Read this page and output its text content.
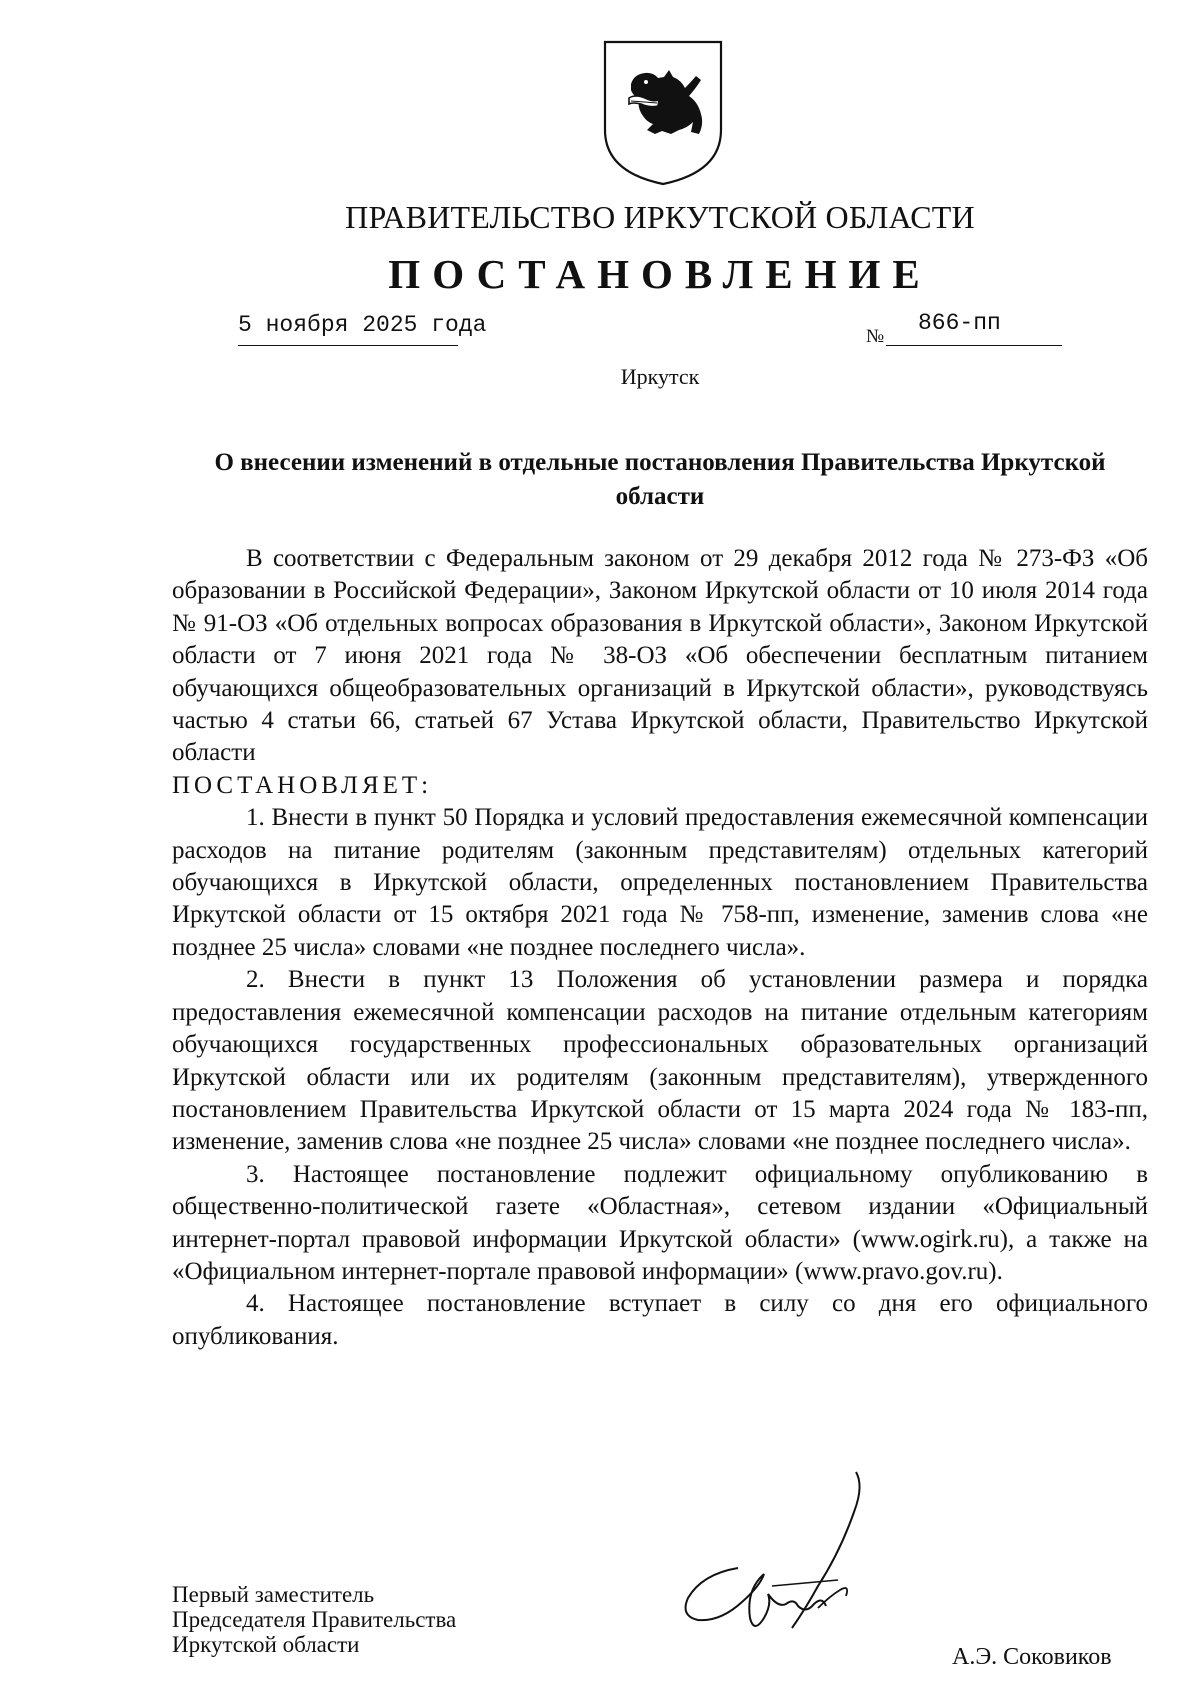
ПРАВИТЕЛЬСТВО ИРКУТСКОЙ ОБЛАСТИ
ПОСТАНОВЛЕНИЕ
5 ноября 2025 года	№
866-пп
Иркутск
О внесении изменений в отдельные постановления Правительства Иркутской области

В соответствии с Федеральным законом от 29 декабря 2012 года № 273-ФЗ «Об образовании в Российской Федерации», Законом Иркутской области от 10 июля 2014 года № 91-ОЗ «Об отдельных вопросах образования в Иркутской области», Законом Иркутской области от 7 июня 2021 года № 38-ОЗ «Об обеспечении бесплатным питанием обучающихся общеобразовательных организаций в Иркутской области», руководствуясь частью 4 статьи 66, статьей 67 Устава Иркутской области, Правительство Иркутской области

ПОСТАНОВЛЯЕТ:

1. Внести в пункт 50 Порядка и условий предоставления ежемесячной компенсации расходов на питание родителям (законным представителям) отдельных категорий обучающихся в Иркутской области, определенных постановлением Правительства Иркутской области от 15 октября 2021 года № 758-пп, изменение, заменив слова «не позднее 25 числа» словами «не позднее последнего числа».

2. Внести в пункт 13 Положения об установлении размера и порядка предоставления ежемесячной компенсации расходов на питание отдельным категориям обучающихся государственных профессиональных образовательных организаций Иркутской области или их родителям (законным представителям), утвержденного постановлением Правительства Иркутской области от 15 марта 2024 года № 183-пп, изменение, заменив слова «не позднее 25 числа» словами «не позднее последнего числа».

3. Настоящее постановление подлежит официальному опубликованию в общественно-политической газете «Областная», сетевом издании «Официальный интернет-портал правовой информации Иркутской области» (www.ogirk.ru), а также на «Официальном интернет-портале правовой информации» (www.pravo.gov.ru).

4. Настоящее постановление вступает в силу со дня его официального опубликования.

Первый заместитель
Председателя Правительства
Иркутской области	А.Э. Соковиков
